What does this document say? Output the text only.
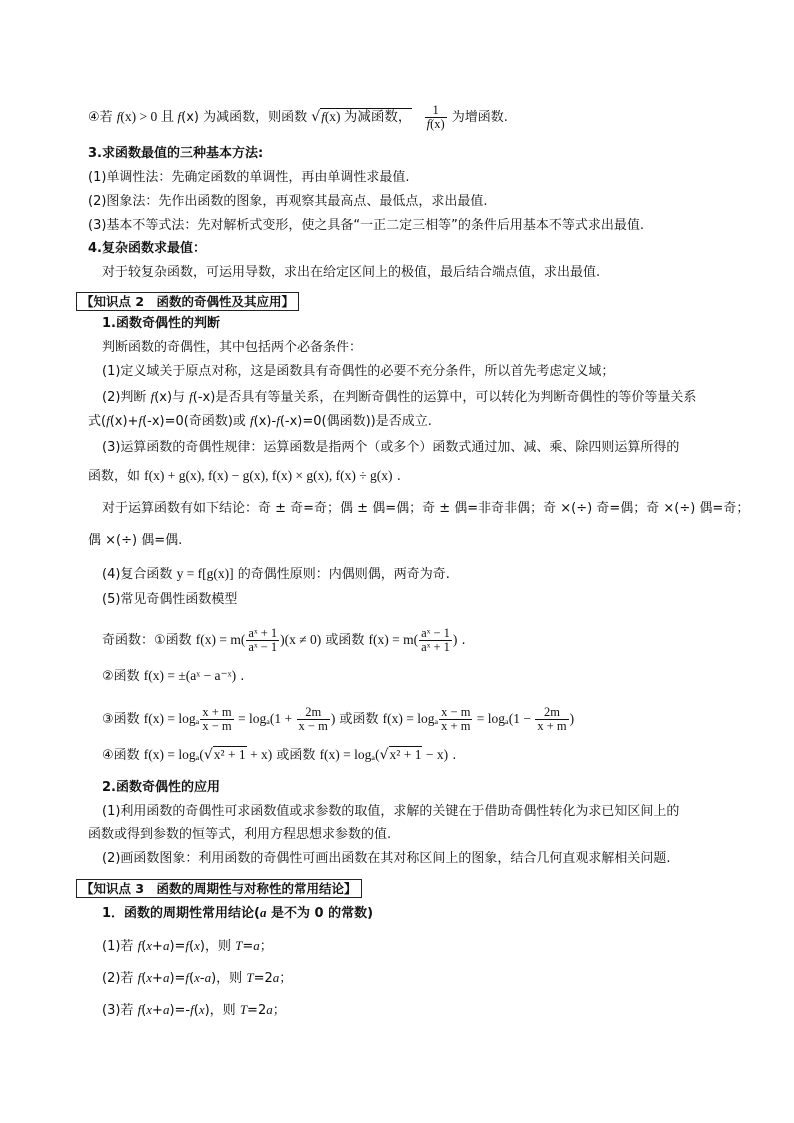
④若 f(x) > 0 且 f(x) 为减函数，则函数 √f(x) 为减函数， $\frac{1}{f(x)}$ 为增函数.
3.求函数最值的三种基本方法:
(1)单调性法：先确定函数的单调性，再由单调性求最值.
(2)图象法：先作出函数的图象，再观察其最高点、最低点，求出最值.
(3)基本不等式法：先对解析式变形，使之具备“一正二定三相等”的条件后用基本不等式求出最值.
4.复杂函数求最值：
对于较复杂函数，可运用导数，求出在给定区间上的极值，最后结合端点值，求出最值.
【知识点 2　函数的奇偶性及其应用】
1.函数奇偶性的判断
判断函数的奇偶性，其中包括两个必备条件：
(1)定义域关于原点对称，这是函数具有奇偶性的必要不充分条件，所以首先考虑定义域；
(2)判断 f(x)与 f(-x)是否具有等量关系，在判断奇偶性的运算中，可以转化为判断奇偶性的等价等量关系
式(f(x)+f(-x)=0(奇函数)或 f(x)-f(-x)=0(偶函数))是否成立.
(3)运算函数的奇偶性规律：运算函数是指两个（或多个）函数式通过加、减、乘、除四则运算所得的
函数，如 f(x) + g(x), f(x) − g(x), f(x) × g(x), f(x) ÷ g(x) .
对于运算函数有如下结论：奇 ± 奇=奇；偶 ± 偶=偶；奇 ± 偶=非奇非偶；奇 ×(÷) 奇=偶；奇 ×(÷) 偶=奇；
偶 ×(÷) 偶=偶.
(4)复合函数 y = f[g(x)] 的奇偶性原则：内偶则偶，两奇为奇.
(5)常见奇偶性函数模型
奇函数：①函数 $f(x) = m( \frac{\text{aˣ + 1}}{\text{aˣ − 1}} )(x \ne 0)$ 或函数 $f(x) = m( \frac{\text{aˣ − 1}}{\text{aˣ + 1}}$ ) .
②函数 f(x) = ±(aˣ − a⁻ˣ) .
③函数 f(x) = logₐ $\frac{x + m}{x - m} = \log_a(1 + \frac{2m}{x - m}$ ) 或函数 f(x) = logₐ $\frac{x - m}{x + m} = \log_a(1 - \frac{2m}{x + m}$ )
④函数 f(x) = logₐ(√x² + 1 + x) 或函数 f(x) = logₐ(√x² + 1 − x) .
2.函数奇偶性的应用
(1)利用函数的奇偶性可求函数值或求参数的取值，求解的关键在于借助奇偶性转化为求已知区间上的
函数或得到参数的恒等式，利用方程思想求参数的值.
(2)画函数图象：利用函数的奇偶性可画出函数在其对称区间上的图象，结合几何直观求解相关问题.
【知识点 3　函数的周期性与对称性的常用结论】
1．函数的周期性常用结论(a 是不为 0 的常数)
(1)若 f(x+a)=f(x)，则 T=a；
(2)若 f(x+a)=f(x-a)，则 T=2a；
(3)若 f(x+a)=-f(x)，则 T=2a；
